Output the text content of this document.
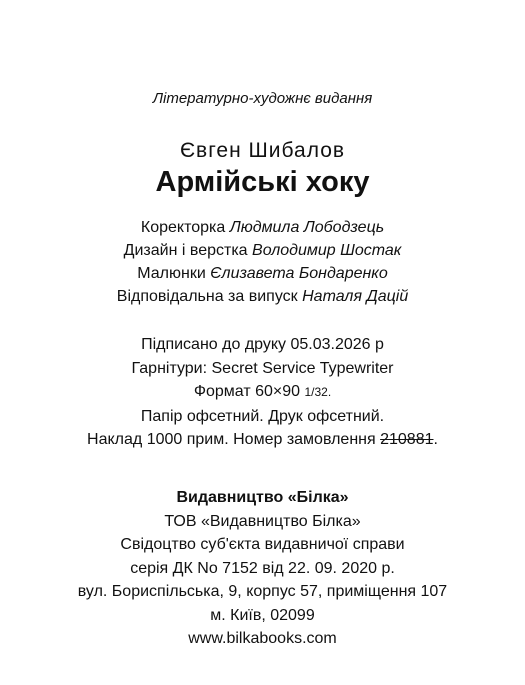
Літературно-художнє видання
Євген Шибалов
Армійські хоку
Коректорка Людмила Лободзець
Дизайн і верстка Володимир Шостак
Малюнки Єлизавета Бондаренко
Відповідальна за випуск Наталя Дацій
Підписано до друку 05.03.2026 р
Гарнітури: Secret Service Typewriter
Формат 60×90 1/32.
Папір офсетний. Друк офсетний.
Наклад 1000 прим. Номер замовлення 210881.
Видавництво «Білка»
ТОВ «Видавництво Білка»
Свідоцтво суб'єкта видавничої справи
серія ДК No 7152 від 22. 09. 2020 р.
вул. Бориспільська, 9, корпус 57, приміщення 107
м. Київ, 02099
www.bilkabooks.com
